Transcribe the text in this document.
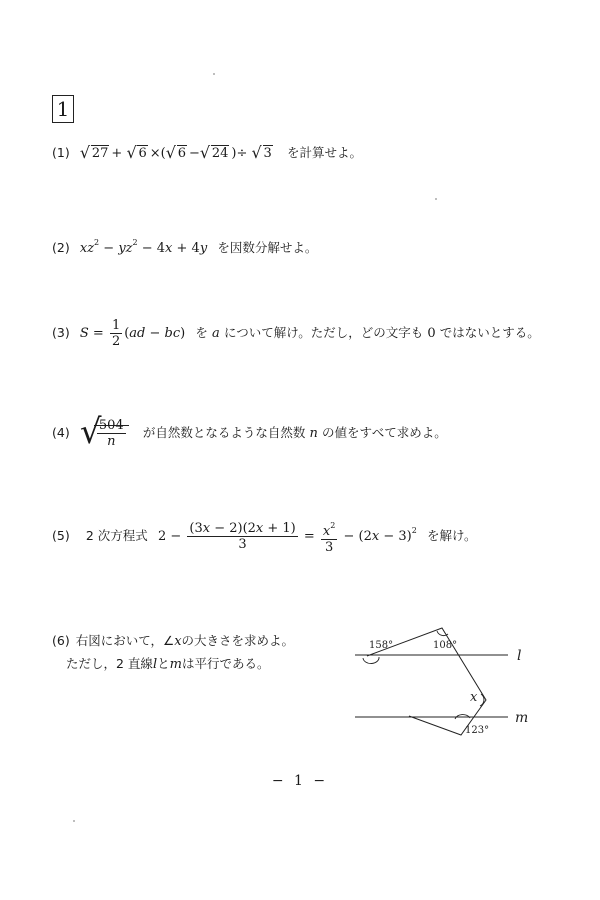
1
(1) √ 27 + √ 6 ×( √ 6 − √ 24 )÷ √ 3 を計算せよ。
(2) $xz^2 - yz^2 - 4x + 4y$ を因数分解せよ。
(3) $S = \frac{1}{2} (ad - bc)$ を a について解け。ただし，どの文字も 0 ではないとする。
(4) √
$\frac{504}{n}$ が自然数となるような自然数 n の値をすべて求めよ。
(5) 2 次方程式 $2 - \frac{(3x - 2)(2x + 1)}{3} = \frac{x^2}{3} - (2x - 3)^2$ を解け。
(6) 右図において，∠xの大きさを求めよ。
ただし，2 直線lとmは平行である。
158°	108°
123°
x
l
m
− 1 −
